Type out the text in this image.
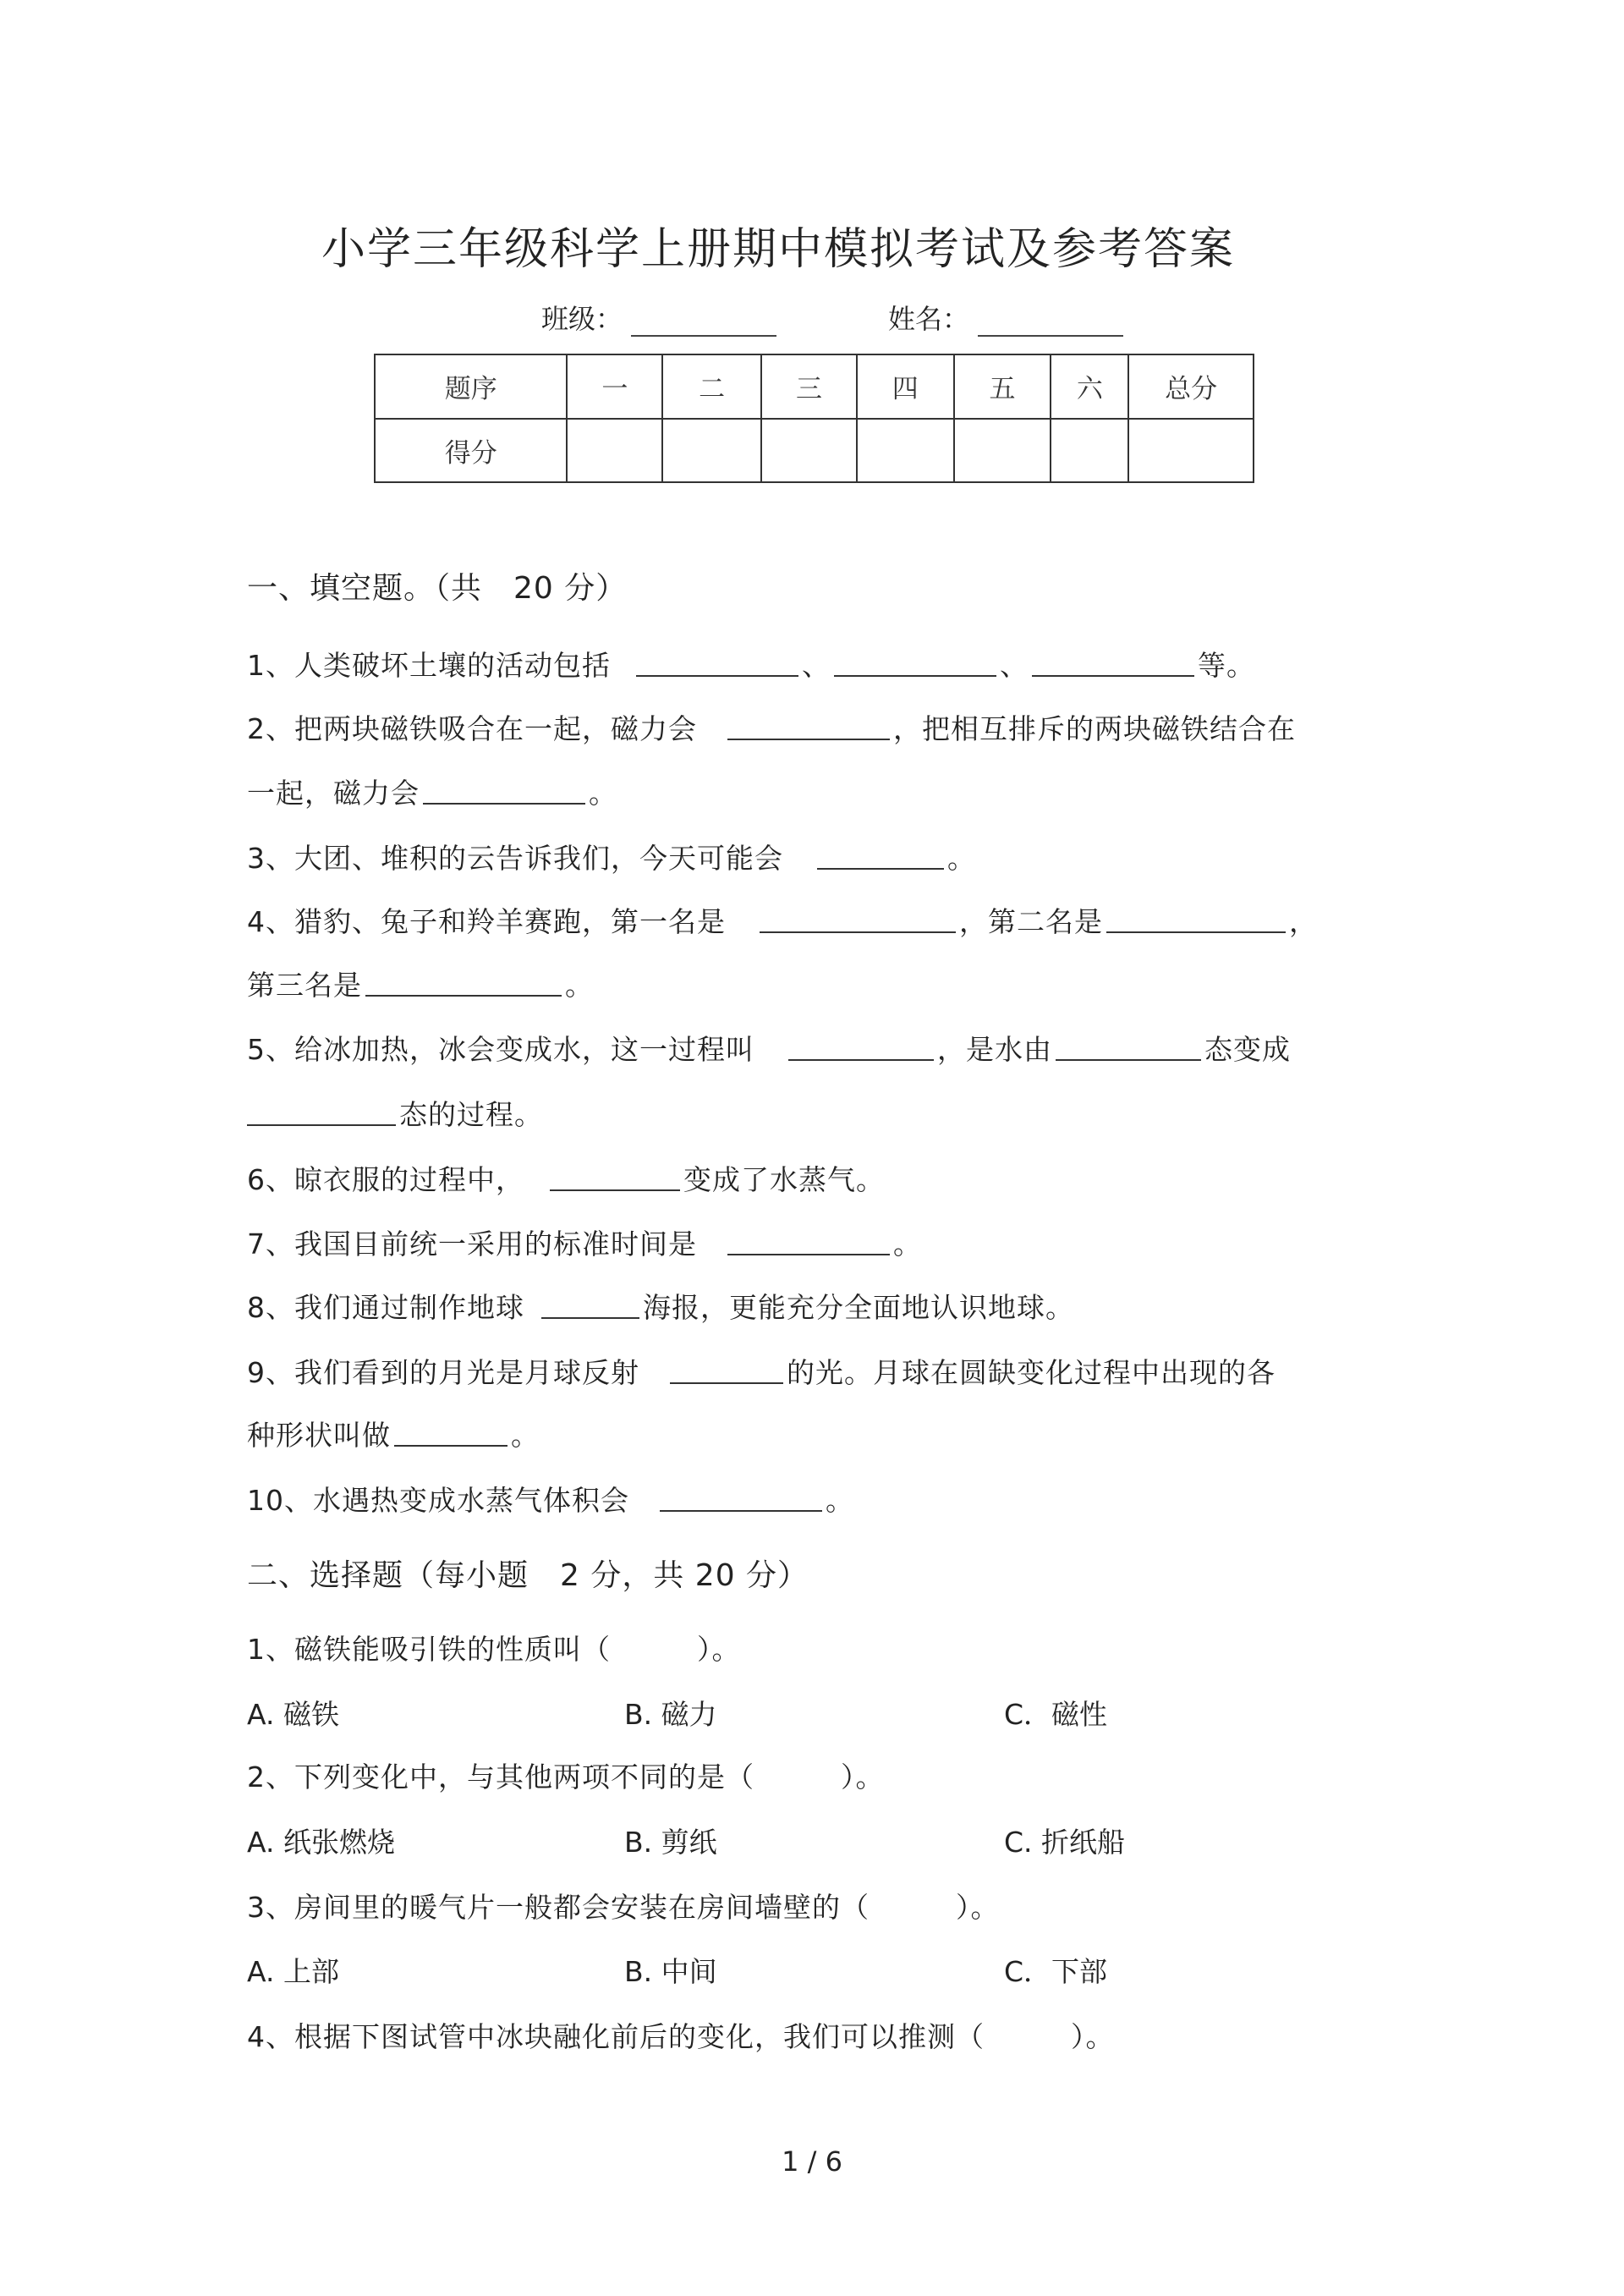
小学三年级科学上册期中模拟考试及参考答案
班级：	姓名：
题序	一	二	三	四	五	六	总分
得分							
一、填空题。（共　20 分）
1、人类破坏土壤的活动包括	、	、	等。
2、把两块磁铁吸合在一起，磁力会	，把相互排斥的两块磁铁结合在
一起，磁力会	。
3、大团、堆积的云告诉我们，今天可能会	。
4、猎豹、兔子和羚羊赛跑，第一名是	，第二名是	，
第三名是	。
5、给冰加热，冰会变成水，这一过程叫	，是水由	态变成
态的过程。
6、晾衣服的过程中，	变成了水蒸气。
7、我国目前统一采用的标准时间是	。
8、我们通过制作地球	海报，更能充分全面地认识地球。
9、我们看到的月光是月球反射	的光。月球在圆缺变化过程中出现的各
种形状叫做	。
10、水遇热变成水蒸气体积会	。
二、选择题（每小题　2 分，共 20 分）
1、磁铁能吸引铁的性质叫（　　　）。
A. 磁铁	B. 磁力	C．磁性
2、下列变化中，与其他两项不同的是（　　　）。
A. 纸张燃烧	B. 剪纸	C. 折纸船
3、房间里的暖气片一般都会安装在房间墙壁的（　　　）。
A. 上部	B. 中间	C．下部
4、根据下图试管中冰块融化前后的变化，我们可以推测（　　　）。
1 / 6
